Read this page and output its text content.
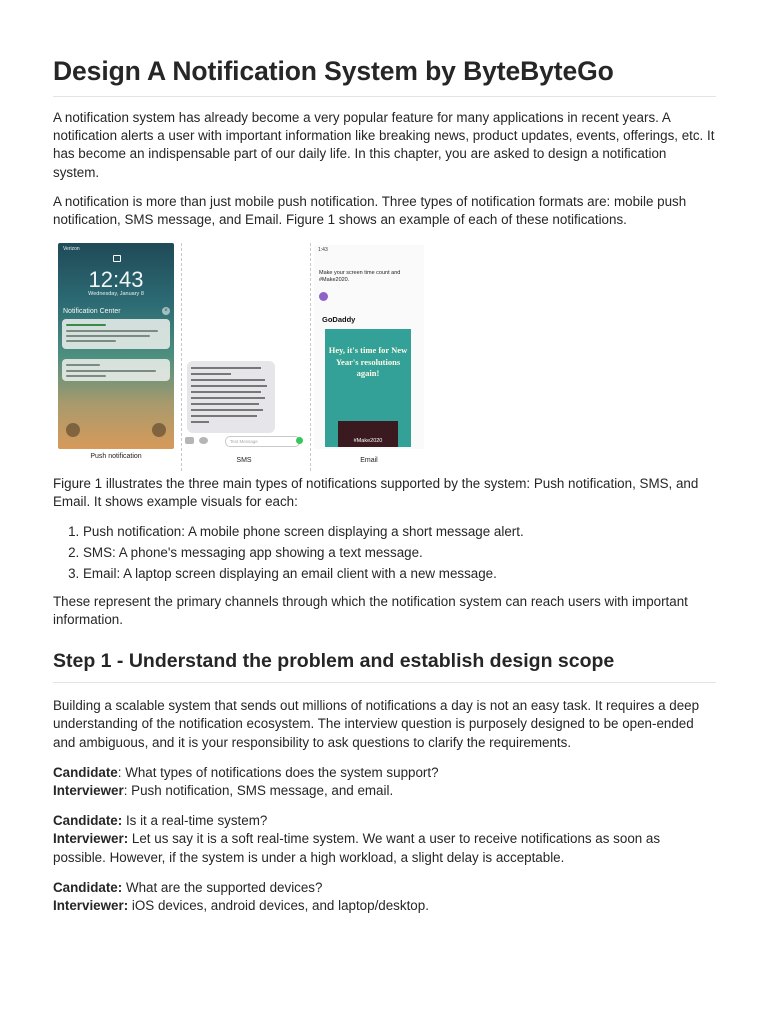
Design A Notification System by ByteByteGo

A notification system has already become a very popular feature for many applications in recent years. A notification alerts a user with important information like breaking news, product updates, events, offerings, etc. It has become an indispensable part of our daily life. In this chapter, you are asked to design a notification system.

A notification is more than just mobile push notification. Three types of notification formats are: mobile push notification, SMS message, and Email. Figure 1 shows an example of each of these notifications.

Verizon
12:43
Wednesday, January 8
Notification Center	×

Text Message
1:43
Make your screen time count and #Make2020.
GoDaddy
Hey, it's time for New Year's resolutions again!
#Make2020
Push notification
SMS	Email

Figure 1 illustrates the three main types of notifications supported by the system: Push notification, SMS, and Email. It shows example visuals for each:

1. Push notification: A mobile phone screen displaying a short message alert.
2. SMS: A phone's messaging app showing a text message.
3. Email: A laptop screen displaying an email client with a new message.

These represent the primary channels through which the notification system can reach users with important information.

Step 1 - Understand the problem and establish design scope

Building a scalable system that sends out millions of notifications a day is not an easy task. It requires a deep understanding of the notification ecosystem. The interview question is purposely designed to be open-ended and ambiguous, and it is your responsibility to ask questions to clarify the requirements.

Candidate: What types of notifications does the system support?
Interviewer: Push notification, SMS message, and email.
Candidate: Is it a real-time system?
Interviewer: Let us say it is a soft real-time system. We want a user to receive notifications as soon as possible. However, if the system is under a high workload, a slight delay is acceptable.
Candidate: What are the supported devices?
Interviewer: iOS devices, android devices, and laptop/desktop.
